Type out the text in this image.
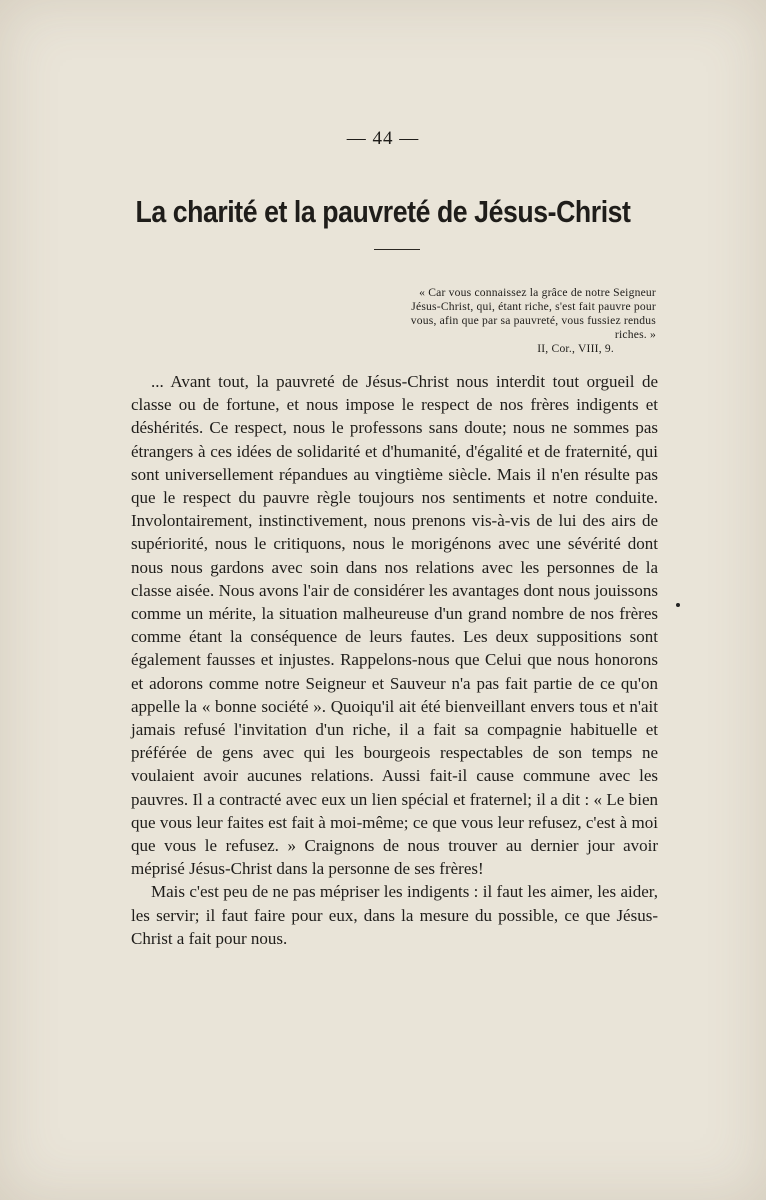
— 44 —
La charité et la pauvreté de Jésus-Christ
« Car vous connaissez la grâce de notre Seigneur Jésus-Christ, qui, étant riche, s'est fait pauvre pour vous, afin que par sa pauvreté, vous fussiez rendus riches. »
II, Cor., VIII, 9.

... Avant tout, la pauvreté de Jésus-Christ nous interdit tout orgueil de classe ou de fortune, et nous impose le respect de nos frères indigents et déshérités. Ce respect, nous le professons sans doute; nous ne sommes pas étrangers à ces idées de solidarité et d'humanité, d'égalité et de fraternité, qui sont universellement répandues au vingtième siècle. Mais il n'en résulte pas que le respect du pauvre règle toujours nos sentiments et notre conduite. Involontairement, instinctivement, nous prenons vis-à-vis de lui des airs de supériorité, nous le critiquons, nous le morigénons avec une sévérité dont nous nous gardons avec soin dans nos relations avec les personnes de la classe aisée. Nous avons l'air de considérer les avantages dont nous jouissons comme un mérite, la situation malheureuse d'un grand nombre de nos frères comme étant la conséquence de leurs fautes. Les deux suppositions sont également fausses et injustes. Rappelons-nous que Celui que nous honorons et adorons comme notre Seigneur et Sauveur n'a pas fait partie de ce qu'on appelle la « bonne société ». Quoiqu'il ait été bienveillant envers tous et n'ait jamais refusé l'invitation d'un riche, il a fait sa compagnie habituelle et préférée de gens avec qui les bourgeois respectables de son temps ne voulaient avoir aucunes relations. Aussi fait-il cause commune avec les pauvres. Il a contracté avec eux un lien spécial et fraternel; il a dit : « Le bien que vous leur faites est fait à moi-même; ce que vous leur refusez, c'est à moi que vous le refusez. » Craignons de nous trouver au dernier jour avoir méprisé Jésus-Christ dans la personne de ses frères!

Mais c'est peu de ne pas mépriser les indigents : il faut les aimer, les aider, les servir; il faut faire pour eux, dans la mesure du possible, ce que Jésus-Christ a fait pour nous.
